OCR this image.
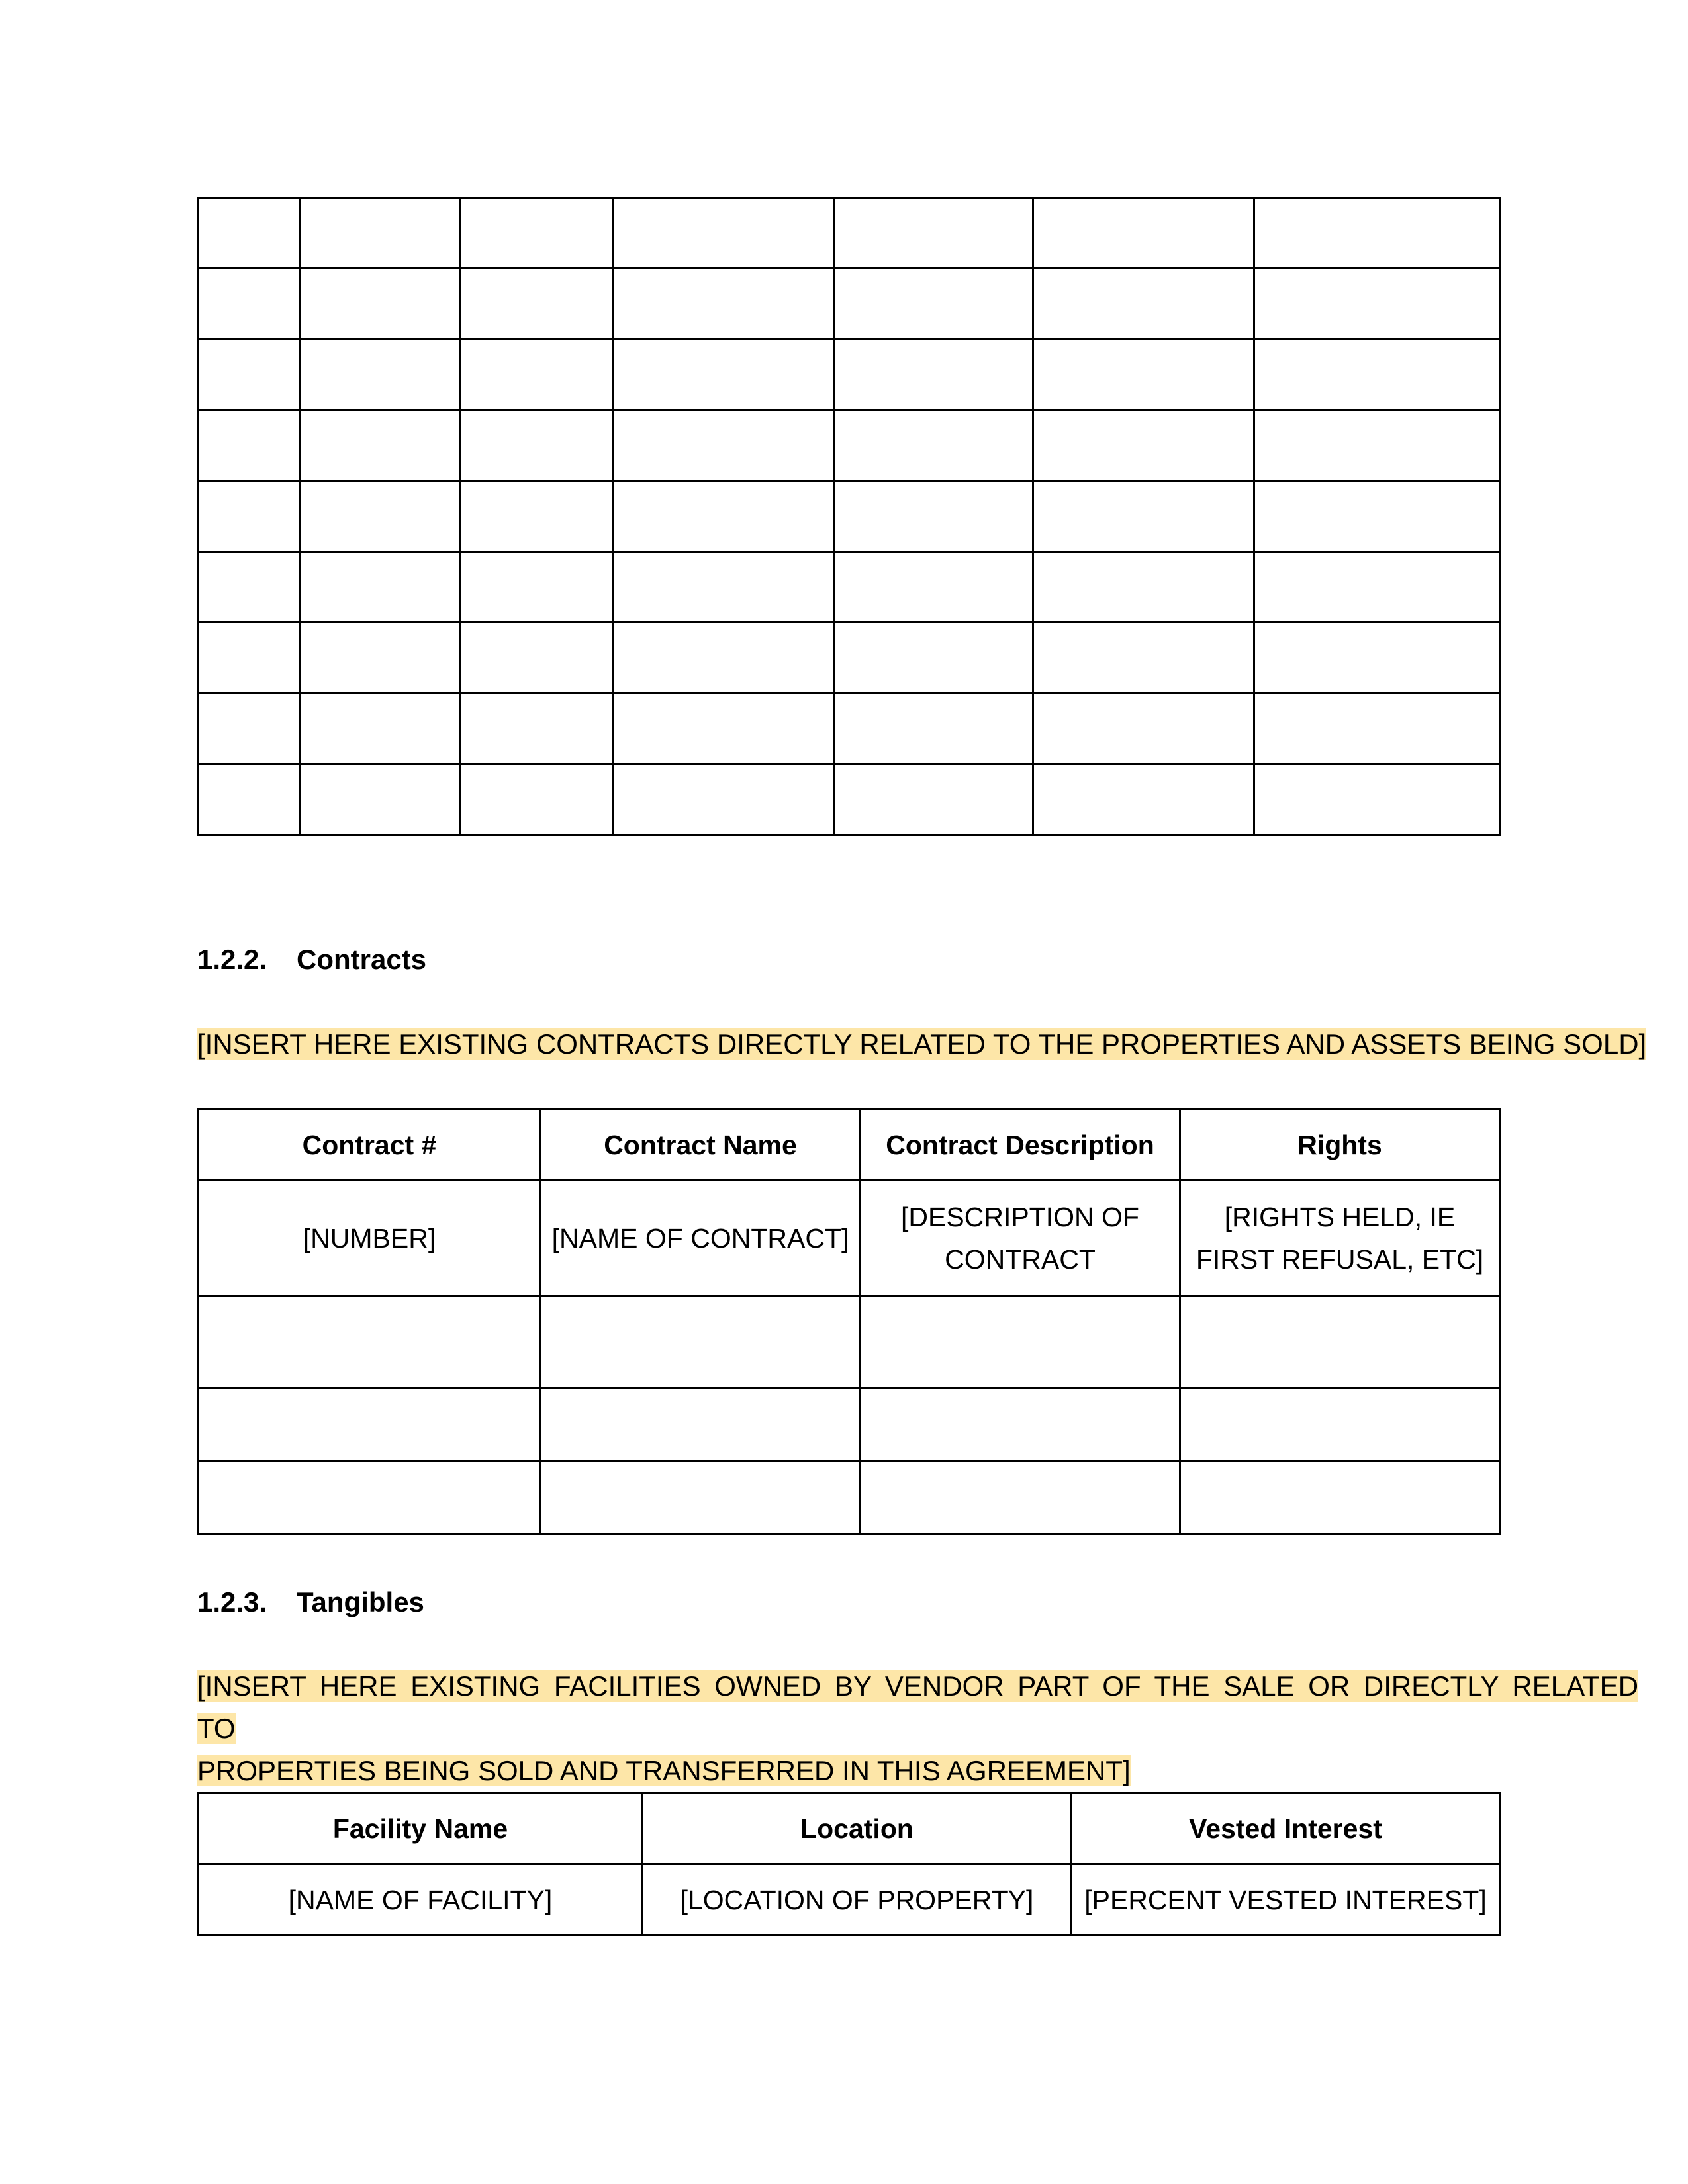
1.2.2. Contracts
[INSERT HERE EXISTING CONTRACTS DIRECTLY RELATED TO THE PROPERTIES AND ASSETS BEING SOLD]
Contract #	Contract Name	Contract Description	Rights
[NUMBER]	[NAME OF CONTRACT]	[DESCRIPTION OF CONTRACT	[RIGHTS HELD, IE FIRST REFUSAL, ETC]

1.2.3. Tangibles
[INSERT HERE EXISTING FACILITIES OWNED BY VENDOR PART OF THE SALE OR DIRECTLY RELATED TO
PROPERTIES BEING SOLD AND TRANSFERRED IN THIS AGREEMENT]
Facility Name	Location	Vested Interest
[NAME OF FACILITY]	[LOCATION OF PROPERTY]	[PERCENT VESTED INTEREST]
